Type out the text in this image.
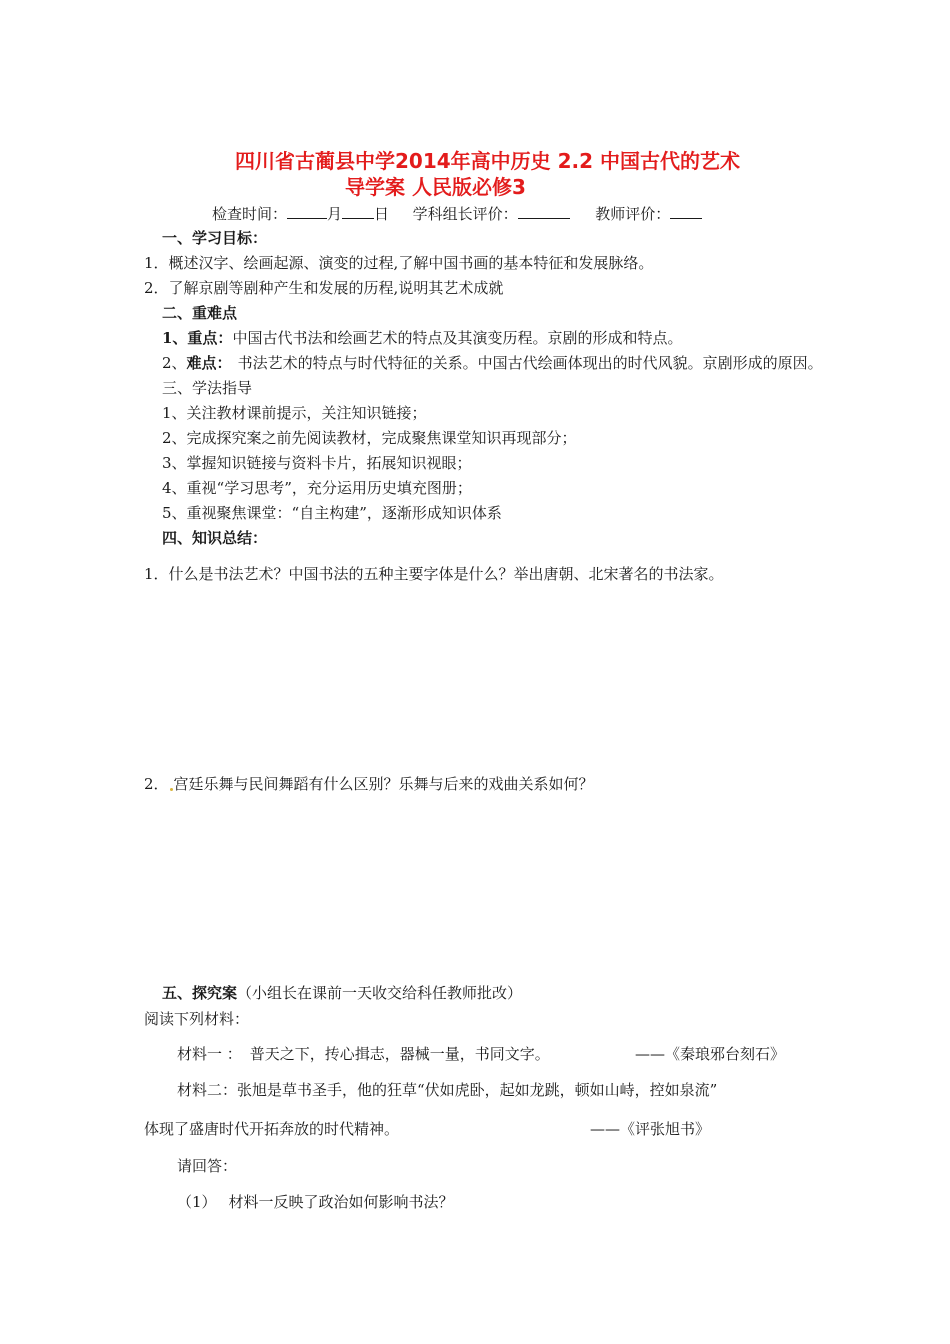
四川省古蔺县中学2014年高中历史 2.2 中国古代的艺术
导学案 人民版必修3
检查时间：	月 日 学科组长评价：	教师评价：
一、学习目标：
1．概述汉字、绘画起源、演变的过程,了解中国书画的基本特征和发展脉络。
2．了解京剧等剧种产生和发展的历程,说明其艺术成就
二、重难点
1、重点：中国古代书法和绘画艺术的特点及其演变历程。京剧的形成和特点。
2、难点： 书法艺术的特点与时代特征的关系。中国古代绘画体现出的时代风貌。京剧形成的原因。
三、学法指导
1、关注教材课前提示，关注知识链接；
2、完成探究案之前先阅读教材，完成聚焦课堂知识再现部分；
3、掌握知识链接与资料卡片，拓展知识视眼；
4、重视“学习思考”，充分运用历史填充图册；
5、重视聚焦课堂：“自主构建”，逐渐形成知识体系
四、知识总结：
1．什么是书法艺术？中国书法的五种主要字体是什么？举出唐朝、北宋著名的书法家。
2． 宫廷乐舞与民间舞蹈有什么区别？乐舞与后来的戏曲关系如何？
五、探究案（小组长在课前一天收交给科任教师批改）
阅读下列材料：
材料一 ： 普天之下，抟心揖志，器械一量，书同文字。	——《秦琅邪台刻石》
材料二：张旭是草书圣手，他的狂草“伏如虎卧，起如龙跳，顿如山峙，控如泉流”
体现了盛唐时代开拓奔放的时代精神。	——《评张旭书》
请回答：
（1） 材料一反映了政治如何影响书法？
